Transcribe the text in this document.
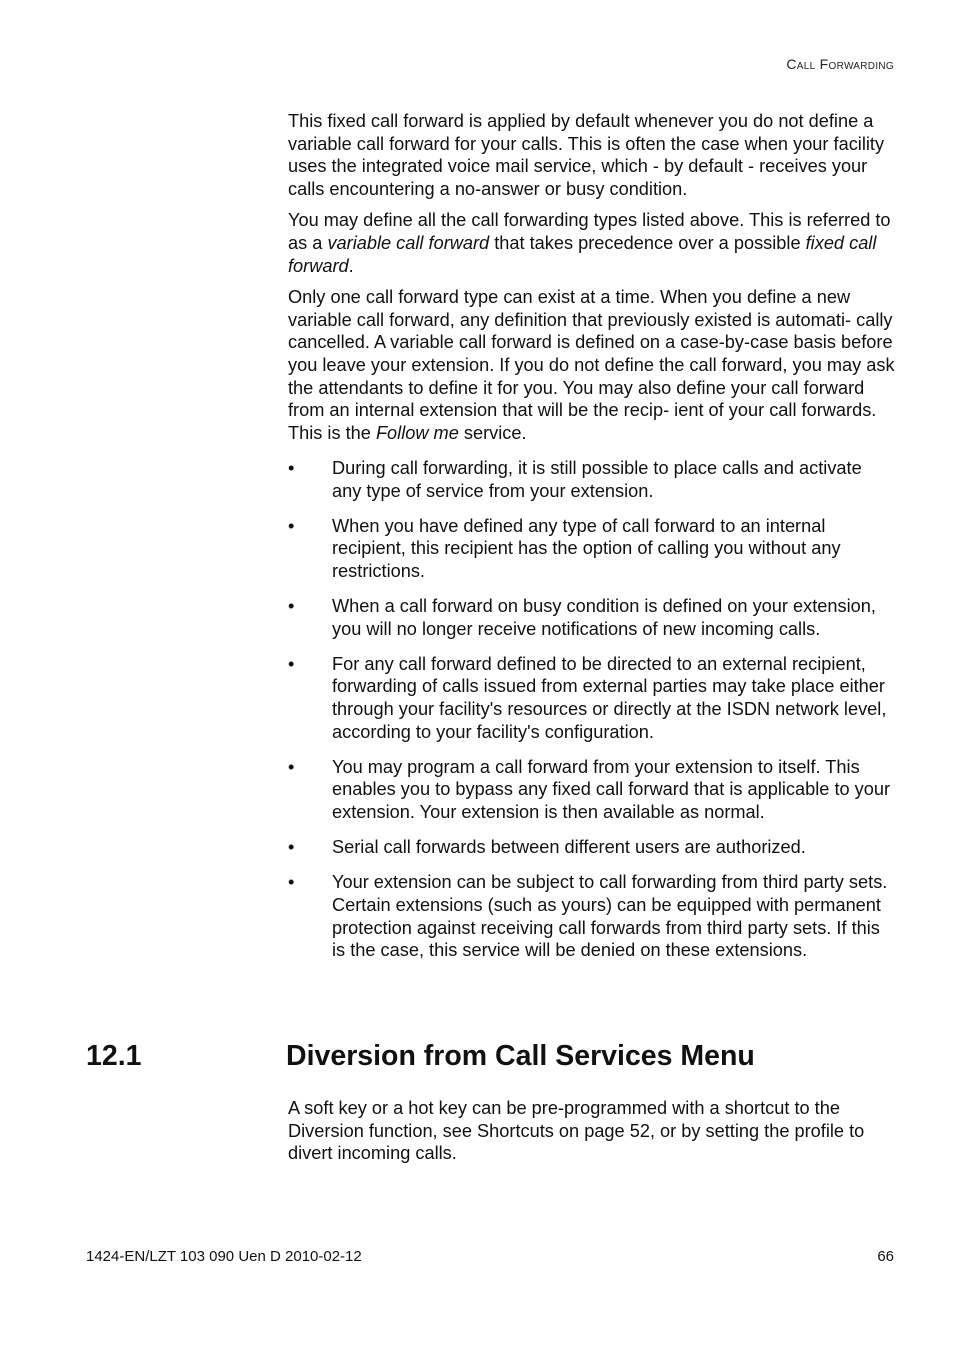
Call Forwarding

This fixed call forward is applied by default whenever you do not define a variable call forward for your calls. This is often the case when your facility uses the integrated voice mail service, which - by default - receives your calls encountering a no-answer or busy condition.

You may define all the call forwarding types listed above. This is referred to as a variable call forward that takes precedence over a possible fixed call forward.

Only one call forward type can exist at a time. When you define a new variable call forward, any definition that previously existed is automati- cally cancelled. A variable call forward is defined on a case-by-case basis before you leave your extension. If you do not define the call forward, you may ask the attendants to define it for you. You may also define your call forward from an internal extension that will be the recip- ient of your call forwards. This is the Follow me service.

• During call forwarding, it is still possible to place calls and activate any type of service from your extension.
• When you have defined any type of call forward to an internal recipient, this recipient has the option of calling you without any restrictions.
• When a call forward on busy condition is defined on your extension, you will no longer receive notifications of new incoming calls.
• For any call forward defined to be directed to an external recipient, forwarding of calls issued from external parties may take place either through your facility's resources or directly at the ISDN network level, according to your facility's configuration.
• You may program a call forward from your extension to itself. This enables you to bypass any fixed call forward that is applicable to your extension. Your extension is then available as normal.
• Serial call forwards between different users are authorized.
• Your extension can be subject to call forwarding from third party sets. Certain extensions (such as yours) can be equipped with permanent protection against receiving call forwards from third party sets. If this is the case, this service will be denied on these extensions.
12.1	Diversion from Call Services Menu

A soft key or a hot key can be pre-programmed with a shortcut to the Diversion function, see Shortcuts on page 52, or by setting the profile to divert incoming calls.

1424-EN/LZT 103 090 Uen D 2010-02-12	66
